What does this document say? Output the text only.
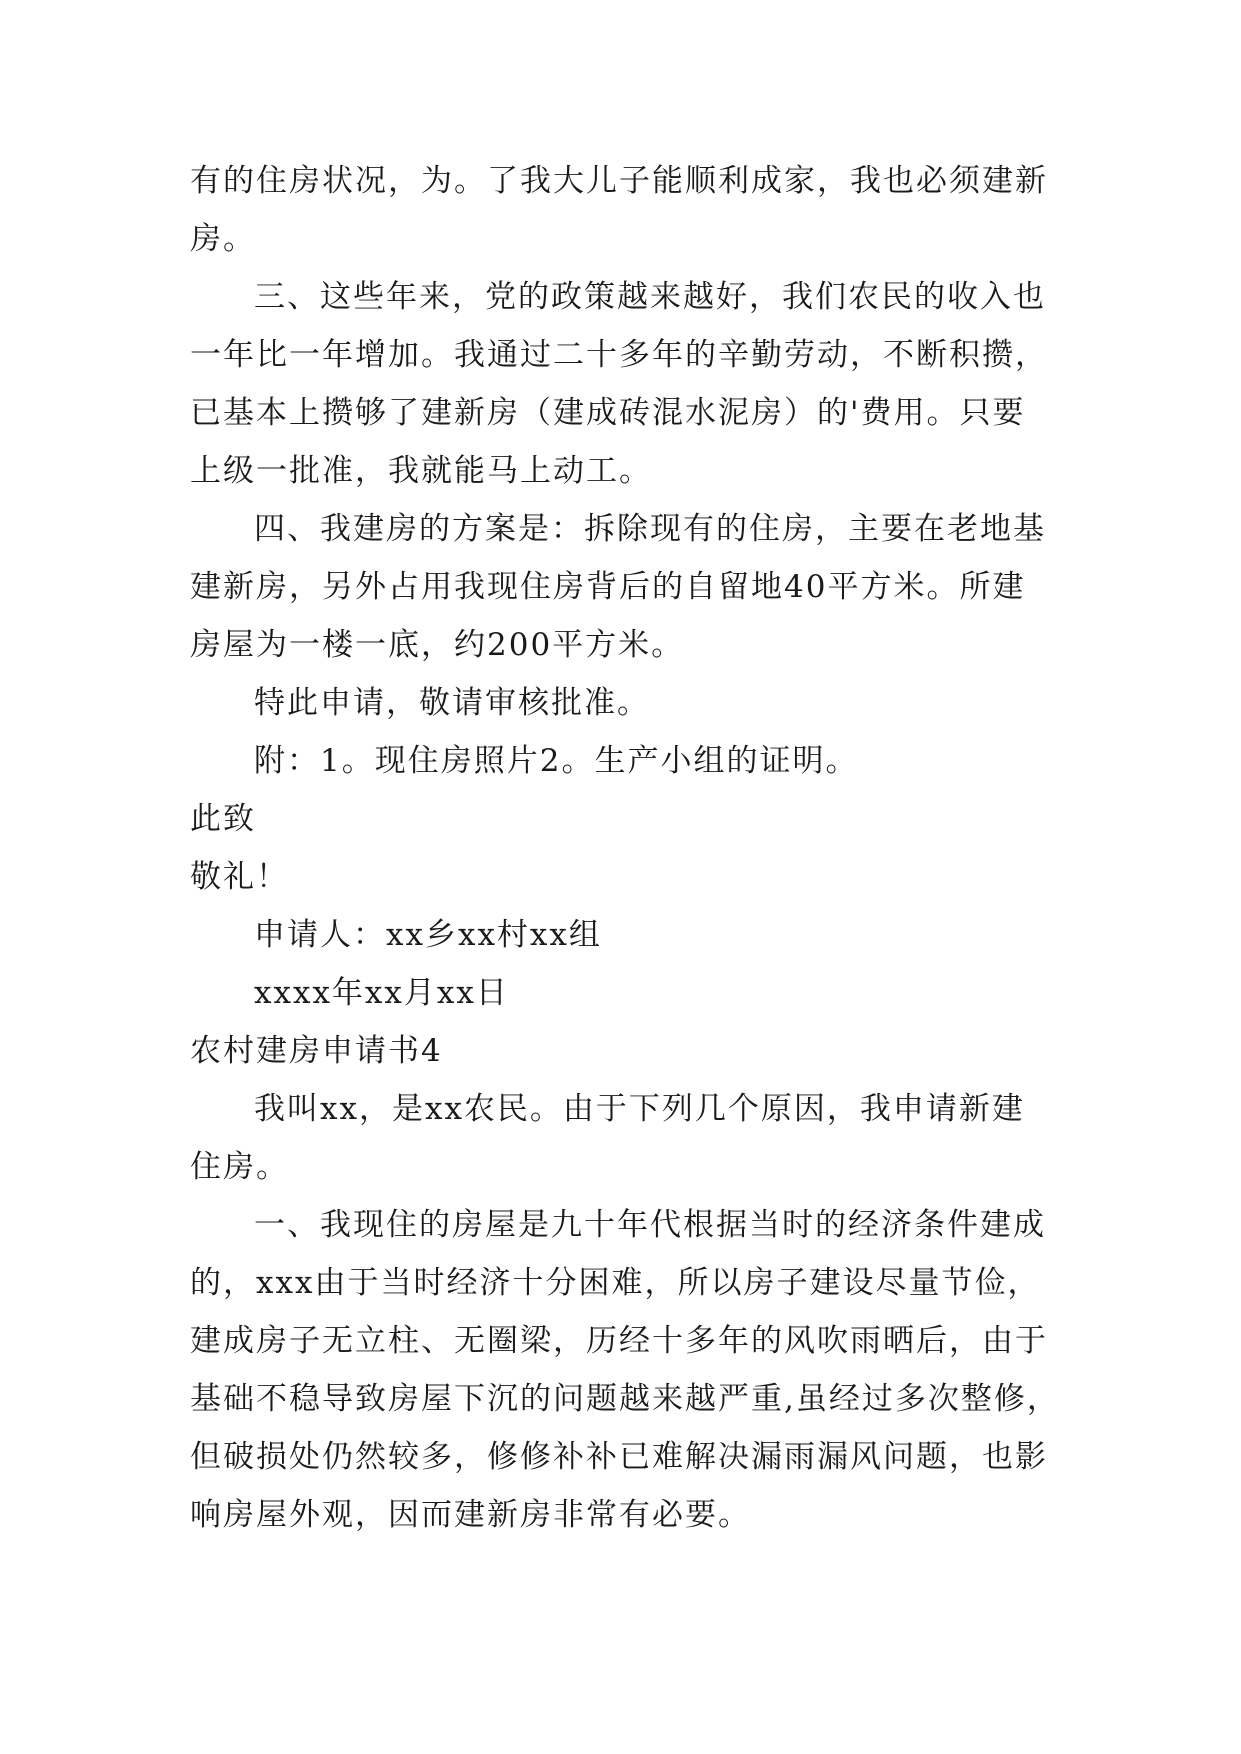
有的住房状况，为。了我大儿子能顺利成家，我也必须建新
房。
三、这些年来，党的政策越来越好，我们农民的收入也
一年比一年增加。我通过二十多年的辛勤劳动，不断积攒，
已基本上攒够了建新房（建成砖混水泥房）的'费用。只要
上级一批准，我就能马上动工。
四、我建房的方案是：拆除现有的住房，主要在老地基
建新房，另外占用我现住房背后的自留地40平方米。所建
房屋为一楼一底，约200平方米。
特此申请，敬请审核批准。
附：1。现住房照片2。生产小组的证明。
此致
敬礼！
申请人：xx乡xx村xx组
xxxx年xx月xx日
农村建房申请书4
我叫xx，是xx农民。由于下列几个原因，我申请新建
住房。
一、我现住的房屋是九十年代根据当时的经济条件建成
的，xxx由于当时经济十分困难，所以房子建设尽量节俭，
建成房子无立柱、无圈梁，历经十多年的风吹雨晒后，由于
基础不稳导致房屋下沉的问题越来越严重,虽经过多次整修，
但破损处仍然较多，修修补补已难解决漏雨漏风问题，也影
响房屋外观，因而建新房非常有必要。
